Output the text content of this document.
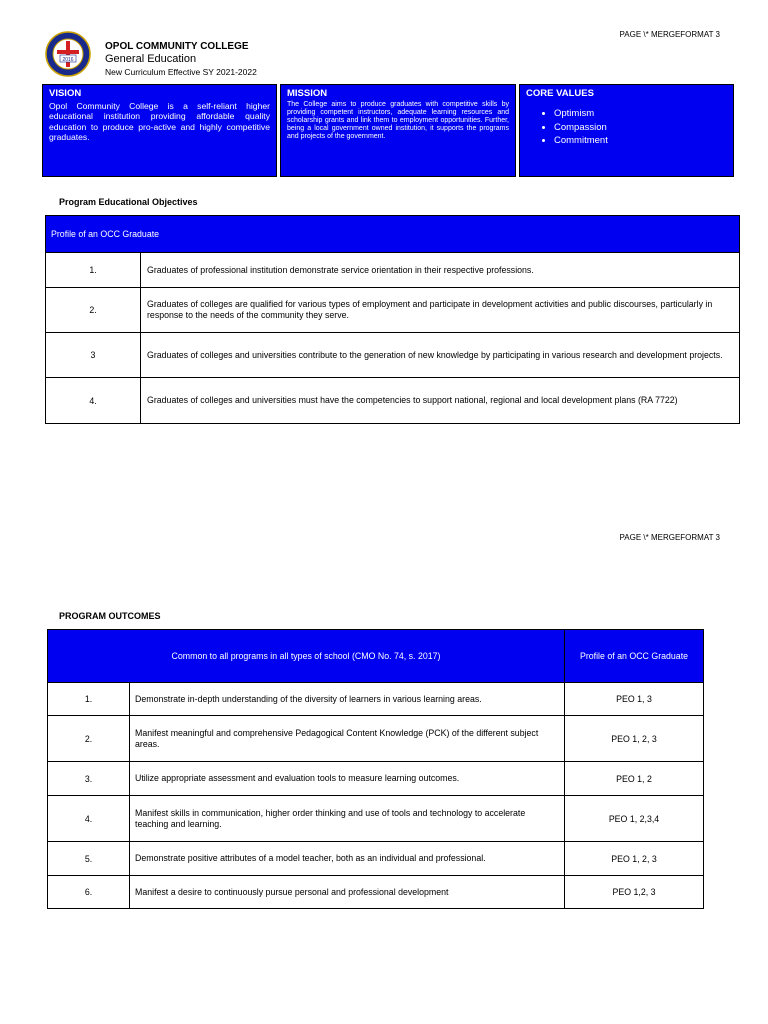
PAGE \* MERGEFORMAT 3
2016
OPOL COMMUNITY COLLEGE
General Education
New Curriculum Effective SY 2021-2022
VISION
Opol Community College is a self-reliant higher educational institution providing affordable quality education to produce pro-active and highly competitive graduates.
MISSION
The College aims to produce graduates with competitive skills by providing competent instructors, adequate learning resources and scholarship grants and link them to employment opportunities. Further, being a local government owned institution, it supports the programs and projects of the government.
CORE VALUES
• Optimism
• Compassion
• Commitment
Program Educational Objectives
Profile of an OCC Graduate	
1.	Graduates of professional institution demonstrate service orientation in their respective professions.
2.	Graduates of colleges are qualified for various types of employment and participate in development activities and public discourses, particularly in response to the needs of the community they serve.
3	Graduates of colleges and universities contribute to the generation of new knowledge by participating in various research and development projects.
4.	Graduates of colleges and universities must have the competencies to support national, regional and local development plans (RA 7722)
PAGE \* MERGEFORMAT 3
PROGRAM OUTCOMES
Common to all programs in all types of school (CMO No. 74, s. 2017)		Profile of an OCC Graduate
1.	Demonstrate in-depth understanding of the diversity of learners in various learning areas.	PEO 1, 3
2.	Manifest meaningful and comprehensive Pedagogical Content Knowledge (PCK) of the different subject areas.	PEO 1, 2, 3
3.	Utilize appropriate assessment and evaluation tools to measure learning outcomes.	PEO 1, 2
4.	Manifest skills in communication, higher order thinking and use of tools and technology to accelerate teaching and learning.	PEO 1, 2,3,4
5.	Demonstrate positive attributes of a model teacher, both as an individual and professional.	PEO 1, 2, 3
6.	Manifest a desire to continuously pursue personal and professional development	PEO 1,2, 3
